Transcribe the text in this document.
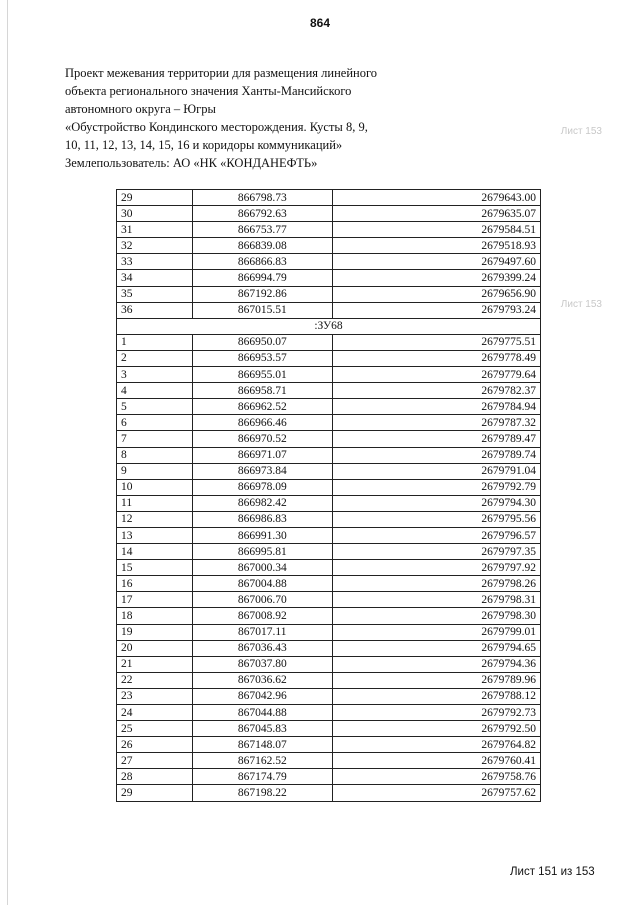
864
Проект межевания территории для размещения линейного
объекта регионального значения Ханты-Мансийского
автономного округа – Югры
«Обустройство Кондинского месторождения. Кусты 8, 9,
10, 11, 12, 13, 14, 15, 16 и коридоры коммуникаций»
Землепользователь: АО «НК «КОНДАНЕФТЬ»
Лист 153
Лист 153
29	866798.73	2679643.00
30	866792.63	2679635.07
31	866753.77	2679584.51
32	866839.08	2679518.93
33	866866.83	2679497.60
34	866994.79	2679399.24
35	867192.86	2679656.90
36	867015.51	2679793.24
:ЗУ68		
1	866950.07	2679775.51
2	866953.57	2679778.49
3	866955.01	2679779.64
4	866958.71	2679782.37
5	866962.52	2679784.94
6	866966.46	2679787.32
7	866970.52	2679789.47
8	866971.07	2679789.74
9	866973.84	2679791.04
10	866978.09	2679792.79
11	866982.42	2679794.30
12	866986.83	2679795.56
13	866991.30	2679796.57
14	866995.81	2679797.35
15	867000.34	2679797.92
16	867004.88	2679798.26
17	867006.70	2679798.31
18	867008.92	2679798.30
19	867017.11	2679799.01
20	867036.43	2679794.65
21	867037.80	2679794.36
22	867036.62	2679789.96
23	867042.96	2679788.12
24	867044.88	2679792.73
25	867045.83	2679792.50
26	867148.07	2679764.82
27	867162.52	2679760.41
28	867174.79	2679758.76
29	867198.22	2679757.62
Лист 151 из 153
